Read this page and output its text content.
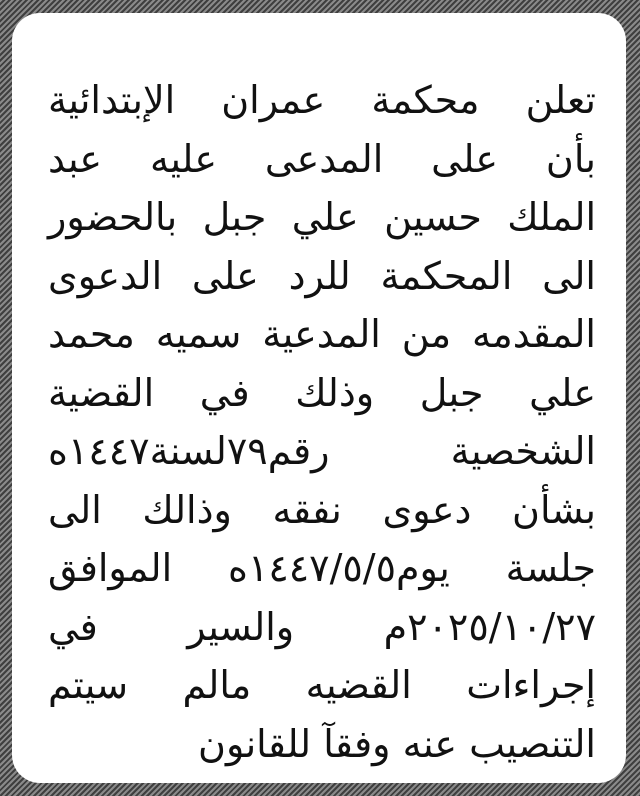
تعلن محكمة عمران الإبتدائية
بأن على المدعى عليه عبد
الملك حسين علي جبل بالحضور
الى المحكمة للرد على الدعوى
المقدمه من المدعية سميه محمد
علي جبل وذلك في القضية
الشخصية رقم٧٩لسنة١٤٤٧ه
بشأن دعوى نفقه وذالك الى
جلسة يوم١٤٤٧/٥/٥ه الموافق
٢٠٢٥/١٠/٢٧م والسير في
إجراءات القضيه مالم سيتم
التنصيب عنه وفقآ للقانون
